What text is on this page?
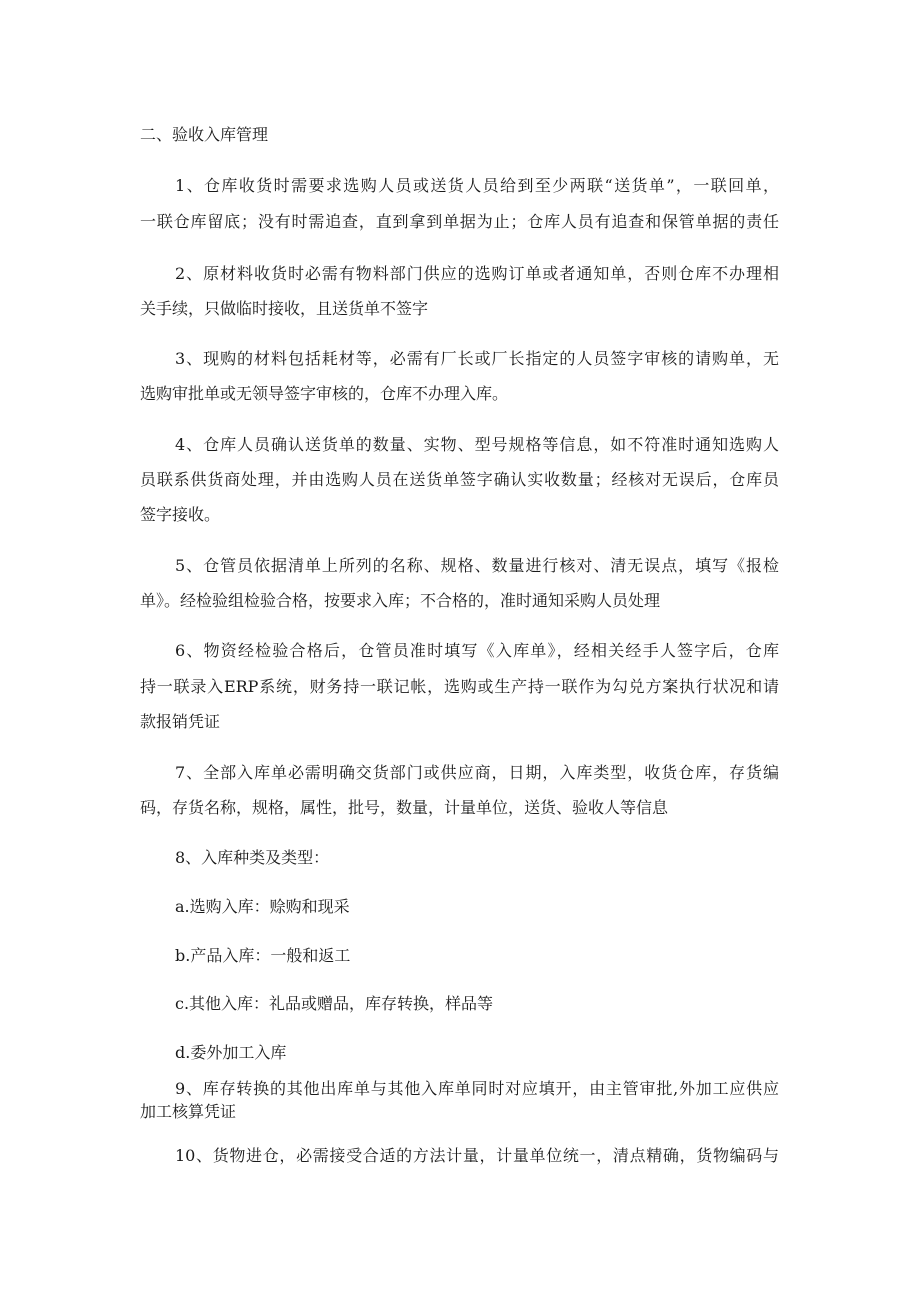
二、验收入库管理
1、仓库收货时需要求选购人员或送货人员给到至少两联“送货单”，一联回单，
一联仓库留底；没有时需追查，直到拿到单据为止；仓库人员有追查和保管单据的责任
2、原材料收货时必需有物料部门供应的选购订单或者通知单，否则仓库不办理相
关手续，只做临时接收，且送货单不签字
3、现购的材料包括耗材等，必需有厂长或厂长指定的人员签字审核的请购单，无
选购审批单或无领导签字审核的，仓库不办理入库。
4、仓库人员确认送货单的数量、实物、型号规格等信息，如不符准时通知选购人
员联系供货商处理，并由选购人员在送货单签字确认实收数量；经核对无误后，仓库员
签字接收。
5、仓管员依据清单上所列的名称、规格、数量进行核对、清无误点，填写《报检
单》。经检验组检验合格，按要求入库；不合格的，准时通知采购人员处理
6、物资经检验合格后，仓管员准时填写《入库单》，经相关经手人签字后，仓库
持一联录入ERP系统，财务持一联记帐，选购或生产持一联作为勾兑方案执行状况和请
款报销凭证
7、全部入库单必需明确交货部门或供应商，日期，入库类型，收货仓库，存货编
码，存货名称，规格，属性，批号，数量，计量单位，送货、验收人等信息
8、入库种类及类型：
a.选购入库：赊购和现采
b.产品入库：一般和返工
c.其他入库：礼品或赠品，库存转换，样品等
d.委外加工入库
9、库存转换的其他出库单与其他入库单同时对应填开，由主管审批,外加工应供应
加工核算凭证
10、货物进仓，必需接受合适的方法计量，计量单位统一，清点精确，货物编码与
